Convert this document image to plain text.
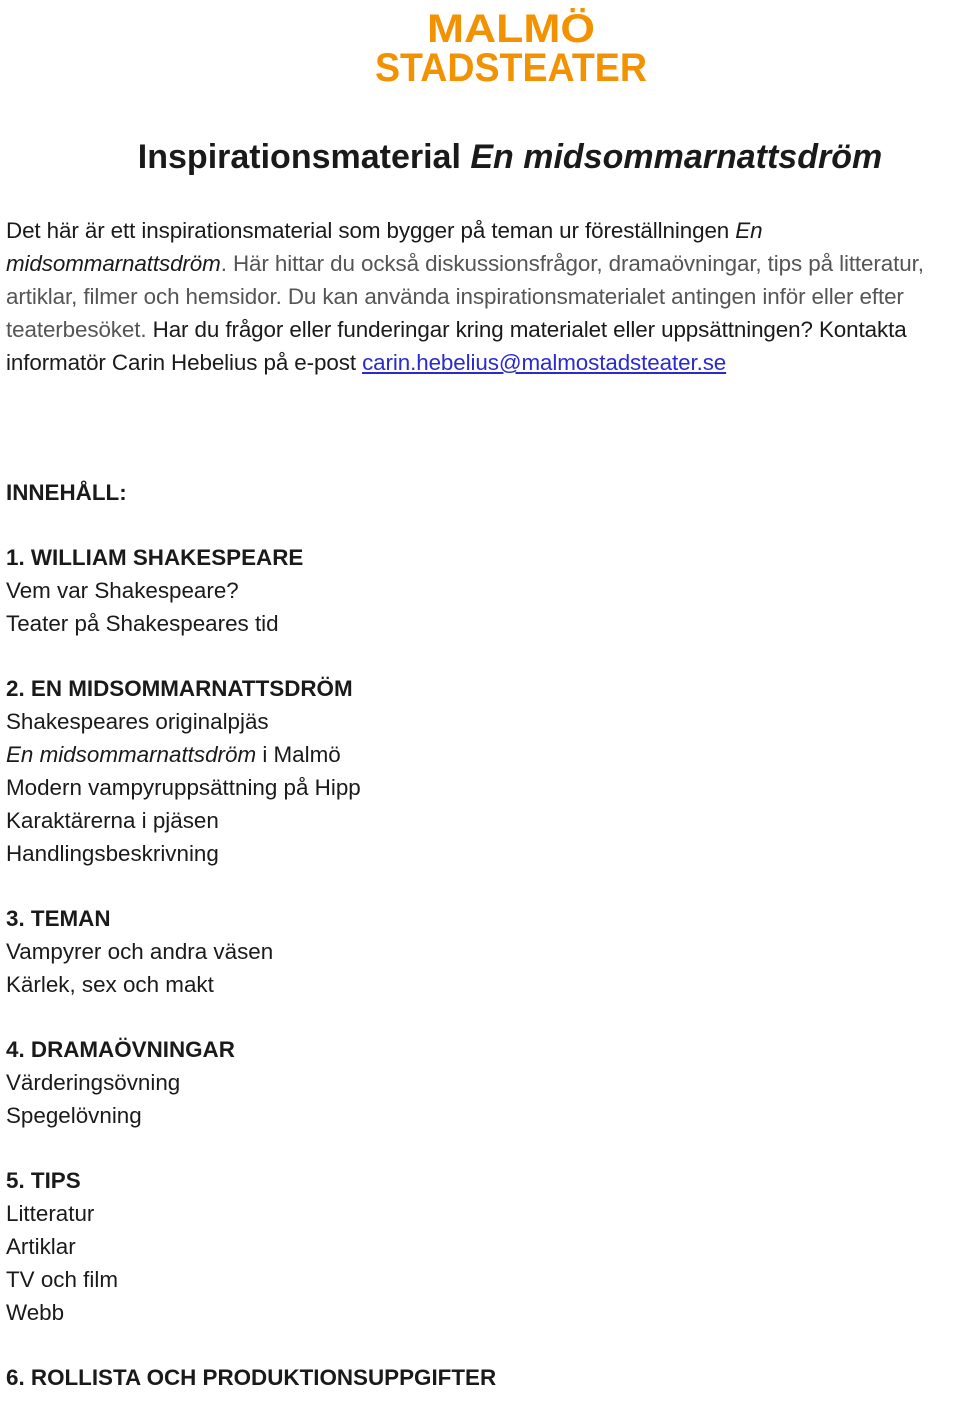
MALMÖ
STADSTEATER
Inspirationsmaterial En midsommarnattsdröm

Det här är ett inspirationsmaterial som bygger på teman ur föreställningen En midsommarnattsdröm. Här hittar du också diskussionsfrågor, dramaövningar, tips på litteratur, artiklar, filmer och hemsidor. Du kan använda inspirationsmaterialet antingen inför eller efter teaterbesöket. Har du frågor eller funderingar kring materialet eller uppsättningen? Kontakta informatör Carin Hebelius på e-post carin.hebelius@malmostadsteater.se

INNEHÅLL:
1. WILLIAM SHAKESPEARE
Vem var Shakespeare?
Teater på Shakespeares tid
2. EN MIDSOMMARNATTSDRÖM
Shakespeares originalpjäs
En midsommarnattsdröm i Malmö
Modern vampyruppsättning på Hipp
Karaktärerna i pjäsen
Handlingsbeskrivning
3. TEMAN
Vampyrer och andra väsen
Kärlek, sex och makt
4. DRAMAÖVNINGAR
Värderingsövning
Spegelövning
5. TIPS
Litteratur
Artiklar
TV och film
Webb
6. ROLLISTA OCH PRODUKTIONSUPPGIFTER
